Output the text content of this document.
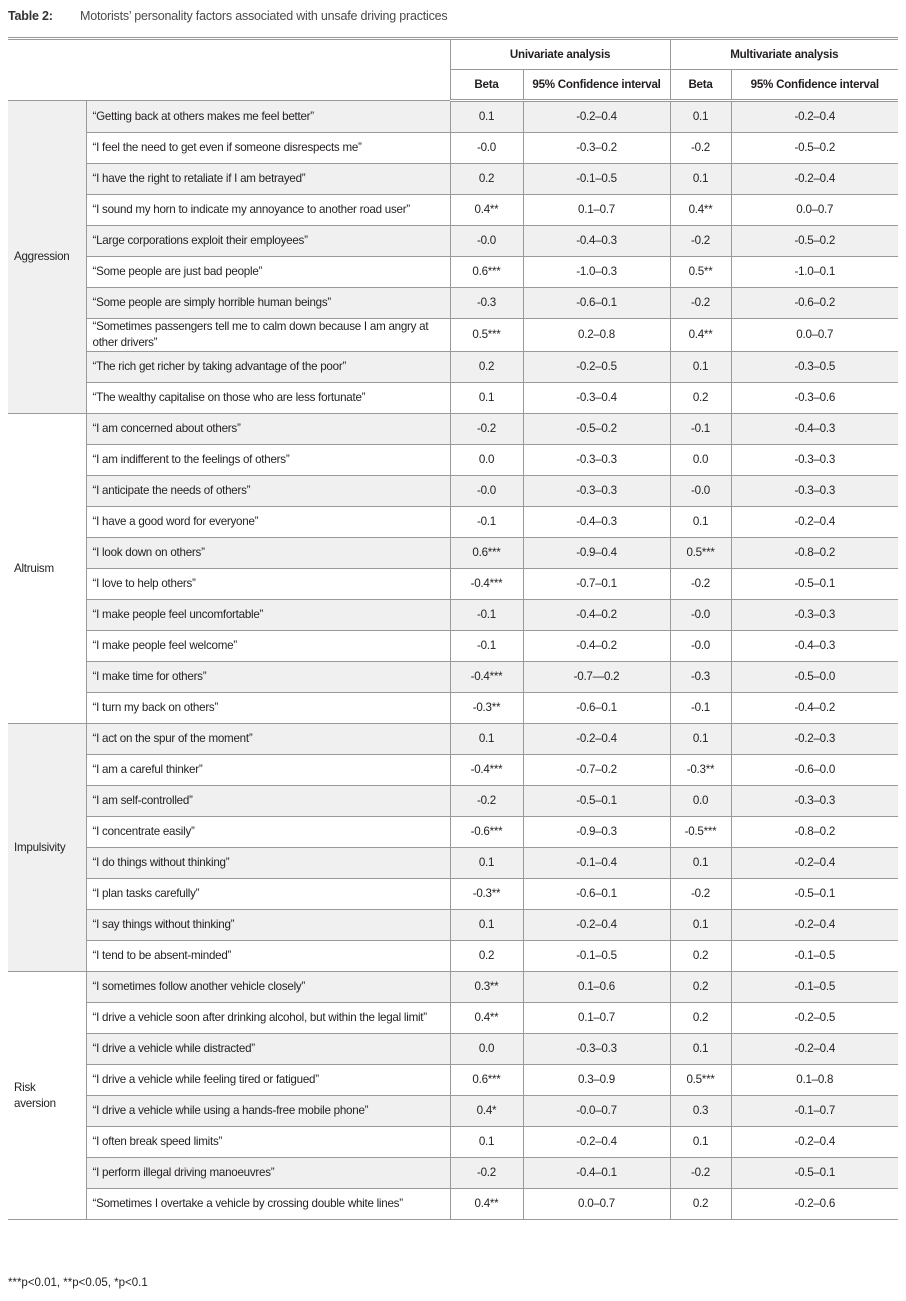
Table 2: Motorists’ personality factors associated with unsafe driving practices
		Univariate analysis		Multivariate analysis	
		Beta	95% Confidence interval	Beta	95% Confidence interval
Aggression	“Getting back at others makes me feel better”	0.1	-0.2–0.4	0.1	-0.2–0.4
	“I feel the need to get even if someone disrespects me”	-0.0	-0.3–0.2	-0.2	-0.5–0.2
	“I have the right to retaliate if I am betrayed”	0.2	-0.1–0.5	0.1	-0.2–0.4
	“I sound my horn to indicate my annoyance to another road user”	0.4**	0.1–0.7	0.4**	0.0–0.7
	“Large corporations exploit their employees”	-0.0	-0.4–0.3	-0.2	-0.5–0.2
	“Some people are just bad people”	0.6***	-1.0–0.3	0.5**	-1.0–0.1
	“Some people are simply horrible human beings”	-0.3	-0.6–0.1	-0.2	-0.6–0.2
	“Sometimes passengers tell me to calm down because I am angry at other drivers”	0.5***	0.2–0.8	0.4**	0.0–0.7
	“The rich get richer by taking advantage of the poor”	0.2	-0.2–0.5	0.1	-0.3–0.5
	“The wealthy capitalise on those who are less fortunate”	0.1	-0.3–0.4	0.2	-0.3–0.6
Altruism	“I am concerned about others”	-0.2	-0.5–0.2	-0.1	-0.4–0.3
	“I am indifferent to the feelings of others”	0.0	-0.3–0.3	0.0	-0.3–0.3
	“I anticipate the needs of others”	-0.0	-0.3–0.3	-0.0	-0.3–0.3
	“I have a good word for everyone”	-0.1	-0.4–0.3	0.1	-0.2–0.4
	“I look down on others”	0.6***	-0.9–0.4	0.5***	-0.8–0.2
	“I love to help others”	-0.4***	-0.7–0.1	-0.2	-0.5–0.1
	“I make people feel uncomfortable”	-0.1	-0.4–0.2	-0.0	-0.3–0.3
	“I make people feel welcome”	-0.1	-0.4–0.2	-0.0	-0.4–0.3
	“I make time for others”	-0.4***	-0.7—0.2	-0.3	-0.5–0.0
	“I turn my back on others”	-0.3**	-0.6–0.1	-0.1	-0.4–0.2
Impulsivity	“I act on the spur of the moment”	0.1	-0.2–0.4	0.1	-0.2–0.3
	“I am a careful thinker”	-0.4***	-0.7–0.2	-0.3**	-0.6–0.0
	“I am self-controlled”	-0.2	-0.5–0.1	0.0	-0.3–0.3
	“I concentrate easily”	-0.6***	-0.9–0.3	-0.5***	-0.8–0.2
	“I do things without thinking”	0.1	-0.1–0.4	0.1	-0.2–0.4
	“I plan tasks carefully”	-0.3**	-0.6–0.1	-0.2	-0.5–0.1
	“I say things without thinking”	0.1	-0.2–0.4	0.1	-0.2–0.4
	“I tend to be absent-minded”	0.2	-0.1–0.5	0.2	-0.1–0.5
Risk aversion	“I sometimes follow another vehicle closely”	0.3**	0.1–0.6	0.2	-0.1–0.5
	“I drive a vehicle soon after drinking alcohol, but within the legal limit”	0.4**	0.1–0.7	0.2	-0.2–0.5
	“I drive a vehicle while distracted”	0.0	-0.3–0.3	0.1	-0.2–0.4
	“I drive a vehicle while feeling tired or fatigued”	0.6***	0.3–0.9	0.5***	0.1–0.8
	“I drive a vehicle while using a hands-free mobile phone”	0.4*	-0.0–0.7	0.3	-0.1–0.7
	“I often break speed limits”	0.1	-0.2–0.4	0.1	-0.2–0.4
	“I perform illegal driving manoeuvres”	-0.2	-0.4–0.1	-0.2	-0.5–0.1
	“Sometimes I overtake a vehicle by crossing double white lines”	0.4**	0.0–0.7	0.2	-0.2–0.6
***p<0.01, **p<0.05, *p<0.1
